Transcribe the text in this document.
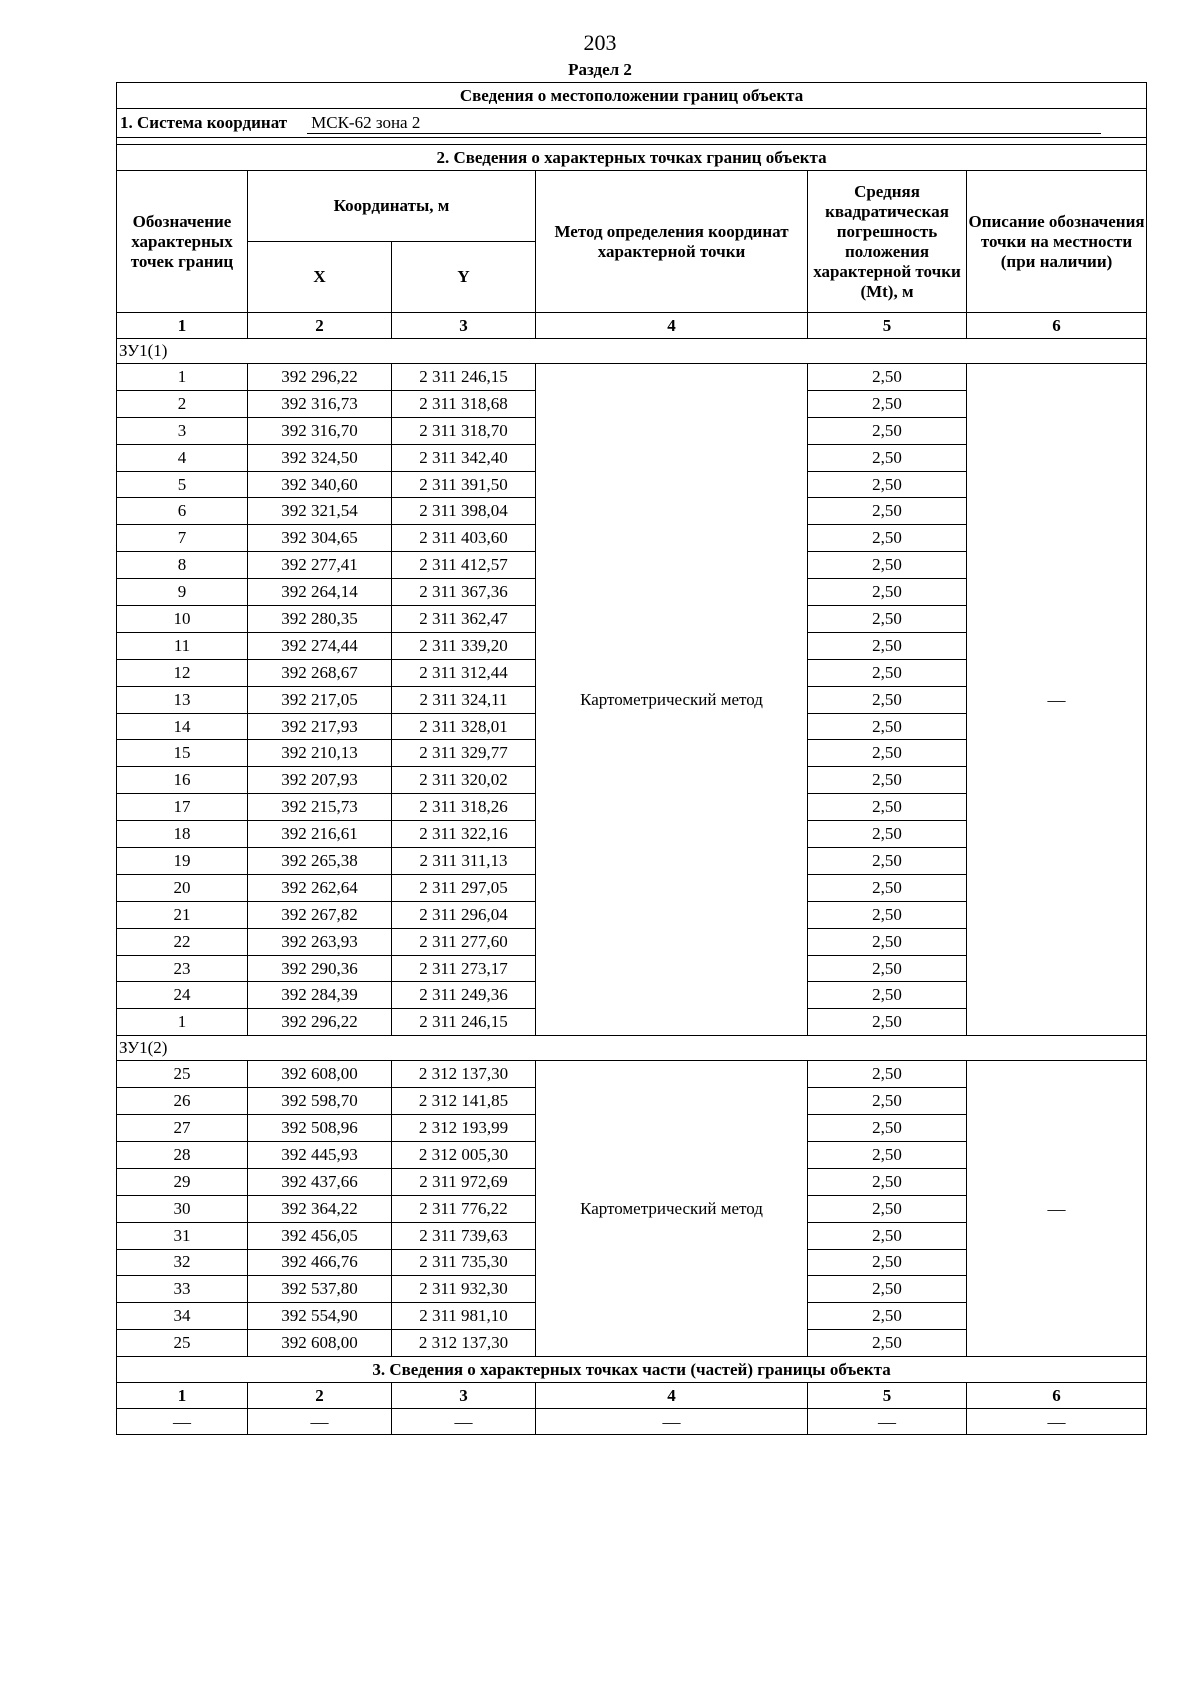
203
Раздел 2
Сведения о местоположении границ объекта					
1. Система координат МСК-62 зона 2					

2. Сведения о характерных точках границ объекта					
Обозначение характерных точек границ	Координаты, м		Метод определения координат характерной точки	Средняя квадратическая погрешность положения характерной точки (Mt), м	Описание обозначения точки на местности (при наличии)
	X	Y			
1	2	3	4	5	6
ЗУ1(1)					
1	392 296,22	2 311 246,15	Картометрический метод	2,50	—
2	392 316,73	2 311 318,68		2,50	
3	392 316,70	2 311 318,70		2,50	
4	392 324,50	2 311 342,40		2,50	
5	392 340,60	2 311 391,50		2,50	
6	392 321,54	2 311 398,04		2,50	
7	392 304,65	2 311 403,60		2,50	
8	392 277,41	2 311 412,57		2,50	
9	392 264,14	2 311 367,36		2,50	
10	392 280,35	2 311 362,47		2,50	
11	392 274,44	2 311 339,20		2,50	
12	392 268,67	2 311 312,44		2,50	
13	392 217,05	2 311 324,11		2,50	
14	392 217,93	2 311 328,01		2,50	
15	392 210,13	2 311 329,77		2,50	
16	392 207,93	2 311 320,02		2,50	
17	392 215,73	2 311 318,26		2,50	
18	392 216,61	2 311 322,16		2,50	
19	392 265,38	2 311 311,13		2,50	
20	392 262,64	2 311 297,05		2,50	
21	392 267,82	2 311 296,04		2,50	
22	392 263,93	2 311 277,60		2,50	
23	392 290,36	2 311 273,17		2,50	
24	392 284,39	2 311 249,36		2,50	
1	392 296,22	2 311 246,15		2,50	
ЗУ1(2)					
25	392 608,00	2 312 137,30	Картометрический метод	2,50	—
26	392 598,70	2 312 141,85		2,50	
27	392 508,96	2 312 193,99		2,50	
28	392 445,93	2 312 005,30		2,50	
29	392 437,66	2 311 972,69		2,50	
30	392 364,22	2 311 776,22		2,50	
31	392 456,05	2 311 739,63		2,50	
32	392 466,76	2 311 735,30		2,50	
33	392 537,80	2 311 932,30		2,50	
34	392 554,90	2 311 981,10		2,50	
25	392 608,00	2 312 137,30		2,50	
3. Сведения о характерных точках части (частей) границы объекта					
1	2	3	4	5	6
—	—	—	—	—	—
